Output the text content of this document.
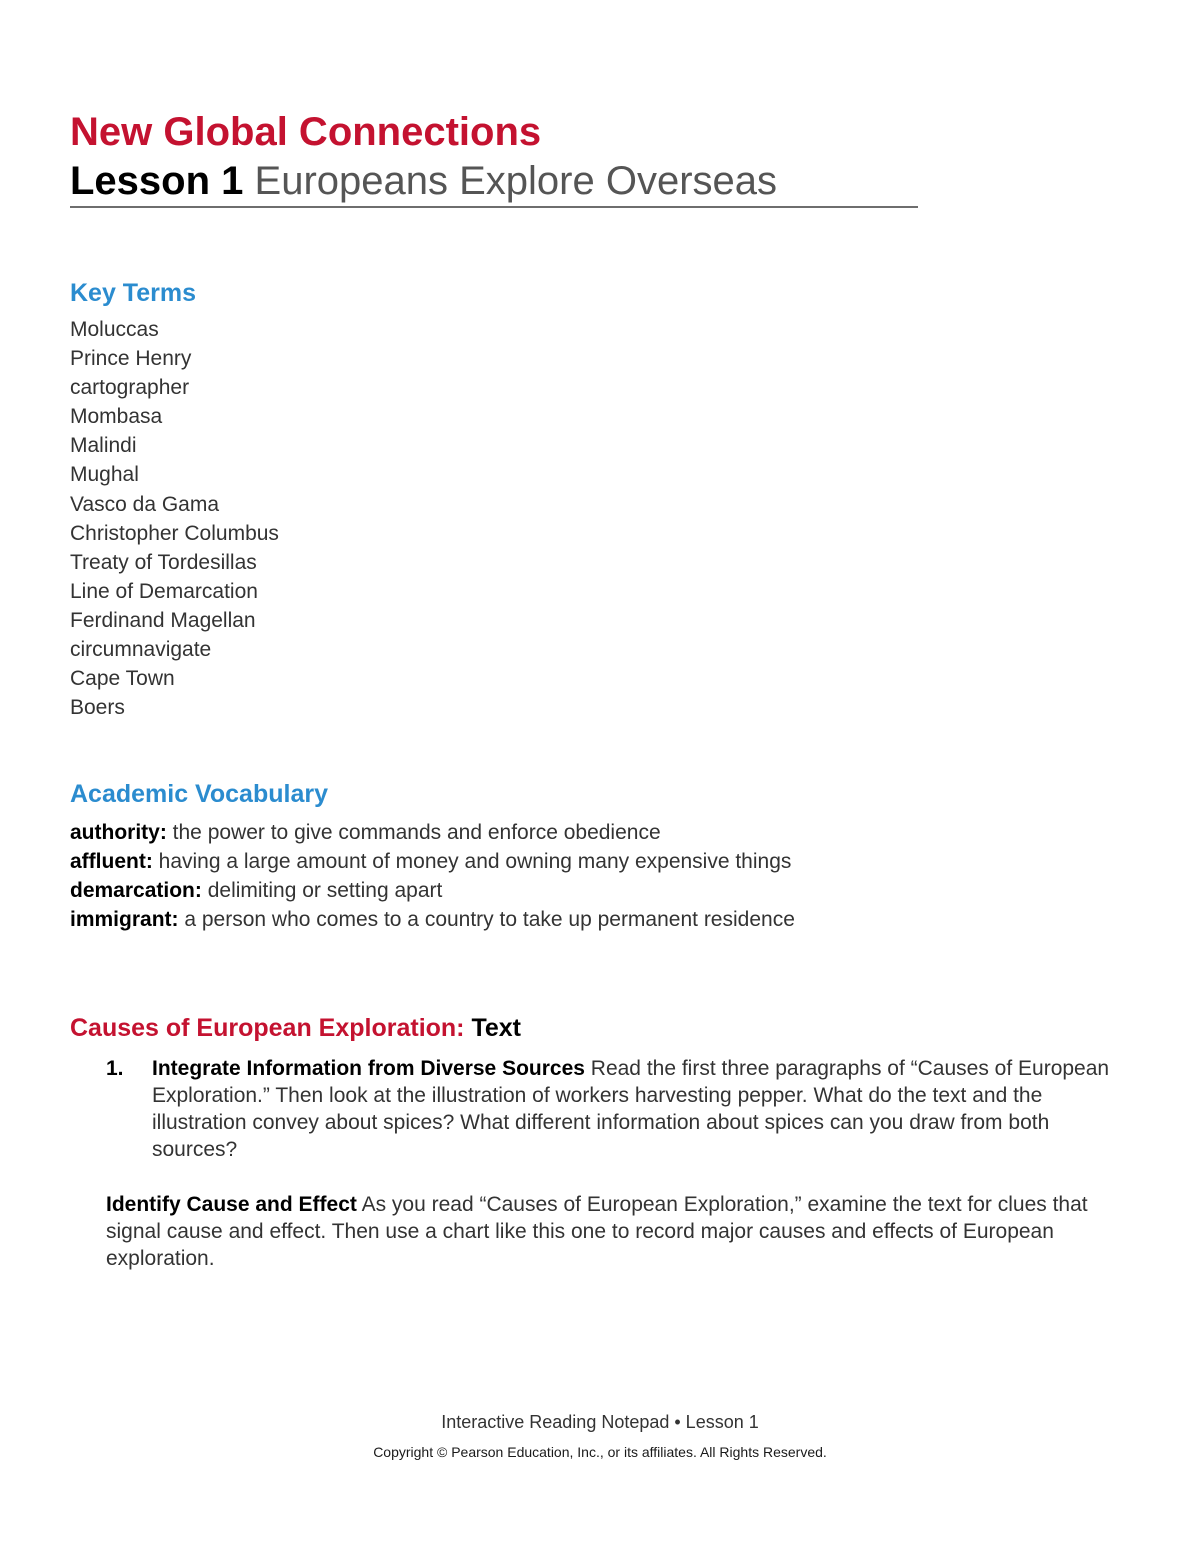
New Global Connections
Lesson 1 Europeans Explore Overseas
Key Terms
Moluccas
Prince Henry
cartographer
Mombasa
Malindi
Mughal
Vasco da Gama
Christopher Columbus
Treaty of Tordesillas
Line of Demarcation
Ferdinand Magellan
circumnavigate
Cape Town
Boers
Academic Vocabulary
authority: the power to give commands and enforce obedience
affluent: having a large amount of money and owning many expensive things
demarcation: delimiting or setting apart
immigrant: a person who comes to a country to take up permanent residence
Causes of European Exploration: Text
1. Integrate Information from Diverse Sources Read the first three paragraphs of “Causes of European Exploration.” Then look at the illustration of workers harvesting pepper. What do the text and the illustration convey about spices? What different information about spices can you draw from both sources?
Identify Cause and Effect As you read “Causes of European Exploration,” examine the text for clues that signal cause and effect. Then use a chart like this one to record major causes and effects of European exploration.
Interactive Reading Notepad • Lesson 1
Copyright © Pearson Education, Inc., or its affiliates. All Rights Reserved.
